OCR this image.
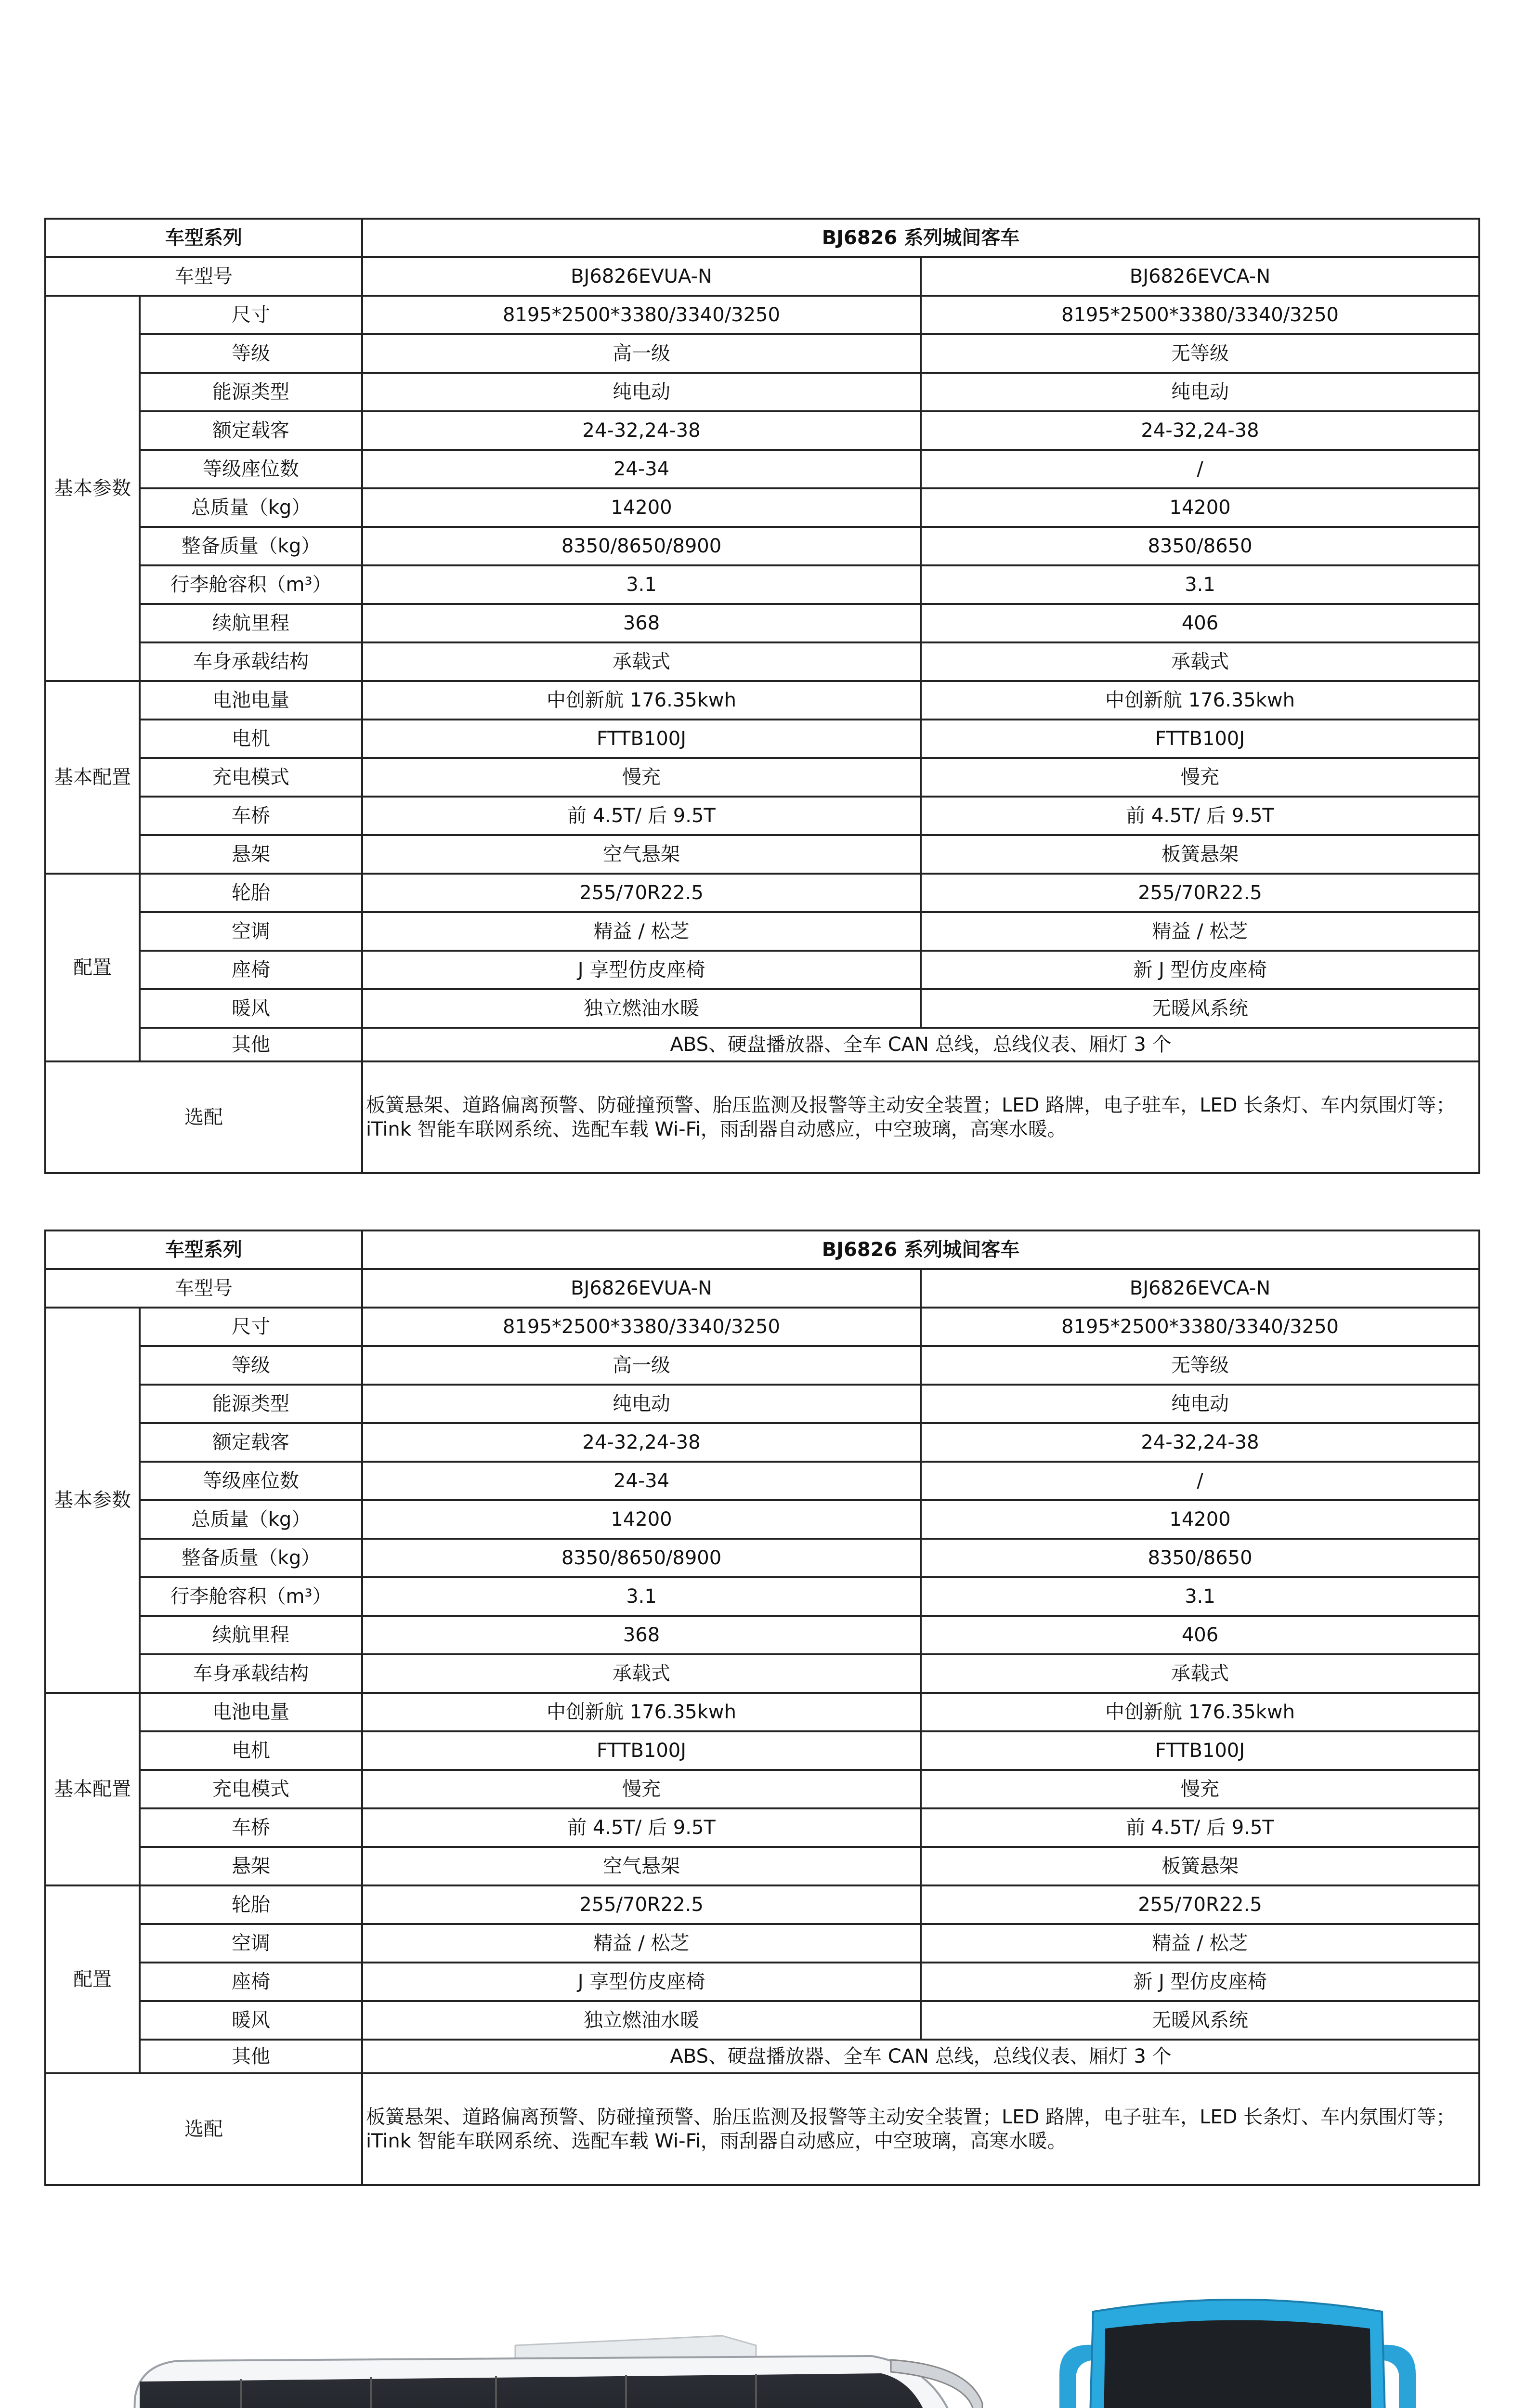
车型系列		BJ6826 系列城间客车	
车型号		BJ6826EVUA-N	BJ6826EVCA-N
基本参数	尺寸	8195*2500*3380/3340/3250	8195*2500*3380/3340/3250
	等级	高一级	无等级
	能源类型	纯电动	纯电动
	额定载客	24-32,24-38	24-32,24-38
	等级座位数	24-34	/
	总质量（kg）	14200	14200
	整备质量（kg）	8350/8650/8900	8350/8650
	行李舱容积（m³）	3.1	3.1
	续航里程	368	406
	车身承载结构	承载式	承载式
基本配置	电池电量	中创新航 176.35kwh	中创新航 176.35kwh
	电机	FTTB100J	FTTB100J
	充电模式	慢充	慢充
	车桥	前 4.5T/ 后 9.5T	前 4.5T/ 后 9.5T
	悬架	空气悬架	板簧悬架
配置	轮胎	255/70R22.5	255/70R22.5
	空调	精益 / 松芝	精益 / 松芝
	座椅	J 享型仿皮座椅	新 J 型仿皮座椅
	暖风	独立燃油水暖	无暖风系统
	其他	ABS、硬盘播放器、全车 CAN 总线，总线仪表、厢灯 3 个	
选配		板簧悬架、道路偏离预警、防碰撞预警、胎压监测及报警等主动安全装置；LED 路牌，电子驻车，LED 长条灯、车内氛围灯等；
iTink 智能车联网系统、选配车载 Wi-Fi，雨刮器自动感应，中空玻璃，高寒水暖。	
车型系列		BJ6826 系列城间客车	
车型号		BJ6826EVUA-N	BJ6826EVCA-N
基本参数	尺寸	8195*2500*3380/3340/3250	8195*2500*3380/3340/3250
	等级	高一级	无等级
	能源类型	纯电动	纯电动
	额定载客	24-32,24-38	24-32,24-38
	等级座位数	24-34	/
	总质量（kg）	14200	14200
	整备质量（kg）	8350/8650/8900	8350/8650
	行李舱容积（m³）	3.1	3.1
	续航里程	368	406
	车身承载结构	承载式	承载式
基本配置	电池电量	中创新航 176.35kwh	中创新航 176.35kwh
	电机	FTTB100J	FTTB100J
	充电模式	慢充	慢充
	车桥	前 4.5T/ 后 9.5T	前 4.5T/ 后 9.5T
	悬架	空气悬架	板簧悬架
配置	轮胎	255/70R22.5	255/70R22.5
	空调	精益 / 松芝	精益 / 松芝
	座椅	J 享型仿皮座椅	新 J 型仿皮座椅
	暖风	独立燃油水暖	无暖风系统
	其他	ABS、硬盘播放器、全车 CAN 总线，总线仪表、厢灯 3 个	
选配		板簧悬架、道路偏离预警、防碰撞预警、胎压监测及报警等主动安全装置；LED 路牌，电子驻车，LED 长条灯、车内氛围灯等；
iTink 智能车联网系统、选配车载 Wi-Fi，雨刮器自动感应，中空玻璃，高寒水暖。	
